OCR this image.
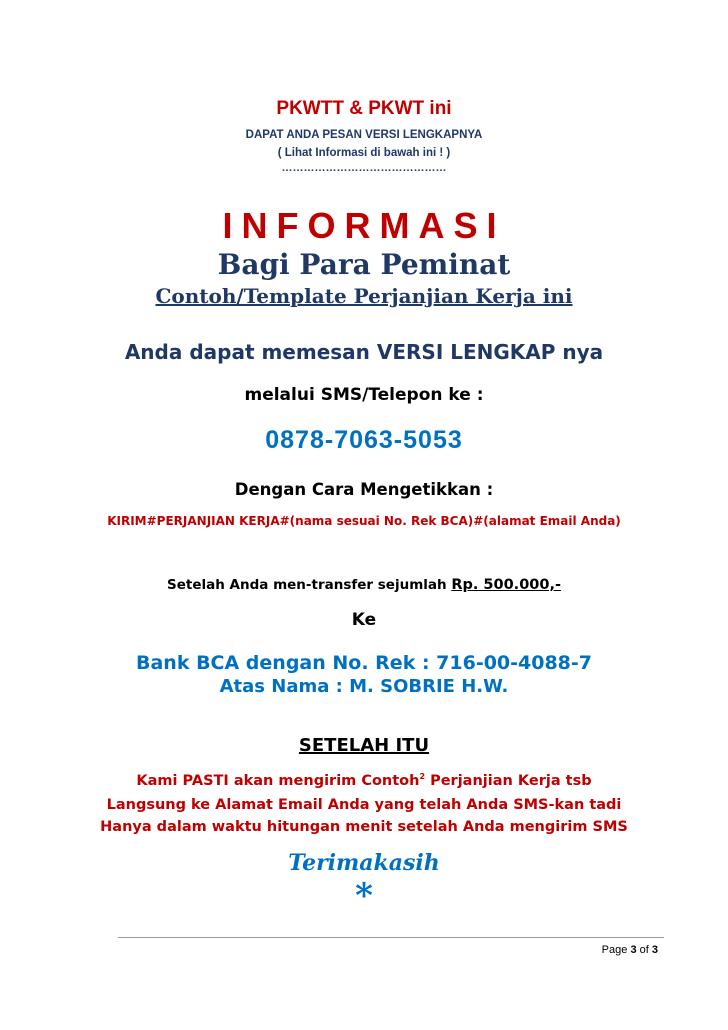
PKWTT & PKWT ini
DAPAT ANDA PESAN VERSI LENGKAPNYA
( Lihat Informasi di bawah ini ! )
………………………………………
INFORMASI
Bagi Para Peminat
Contoh/Template Perjanjian Kerja ini
Anda dapat memesan VERSI LENGKAP nya
melalui SMS/Telepon ke :
0878-7063-5053
Dengan Cara Mengetikkan :
KIRIM#PERJANJIAN KERJA#(nama sesuai No. Rek BCA)#(alamat Email Anda)
Setelah Anda men-transfer sejumlah Rp. 500.000,-
Ke
Bank BCA dengan No. Rek : 716-00-4088-7
Atas Nama : M. SOBRIE H.W.
SETELAH ITU
Kami PASTI akan mengirim Contoh$^2$ Perjanjian Kerja tsb
Langsung ke Alamat Email Anda yang telah Anda SMS-kan tadi
Hanya dalam waktu hitungan menit setelah Anda mengirim SMS
Terimakasih
*
Page 3 of 3
